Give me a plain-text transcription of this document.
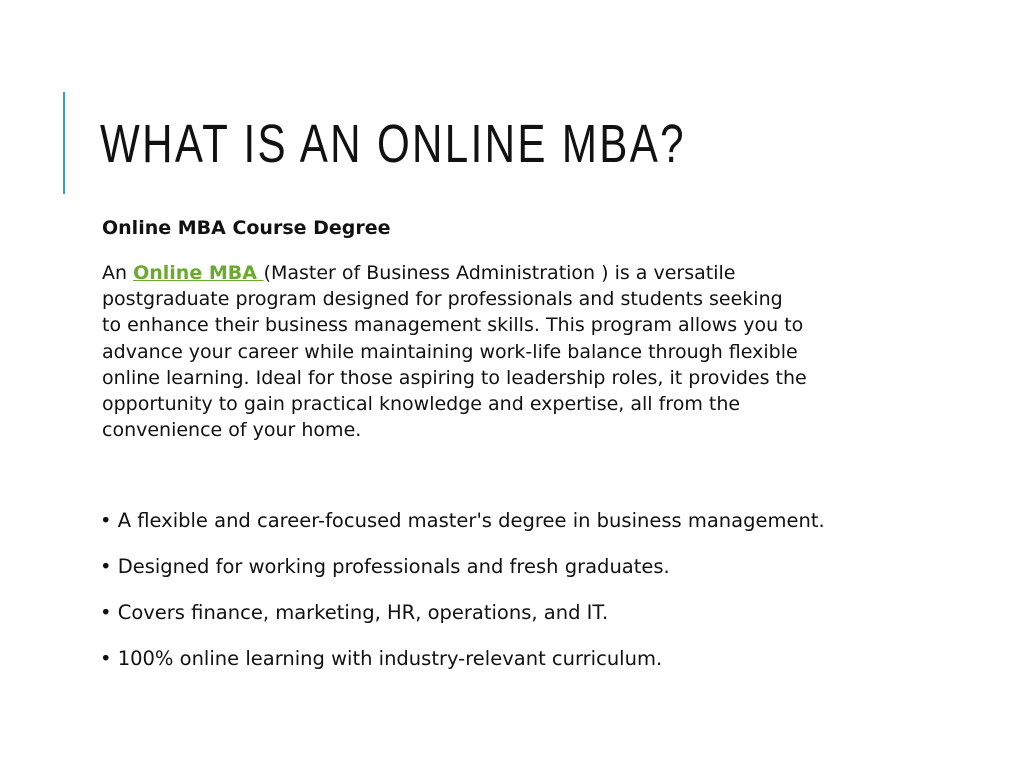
WHAT IS AN ONLINE MBA?

Online MBA Course Degree

An Online MBA (Master of Business Administration ) is a versatile
postgraduate program designed for professionals and students seeking
to enhance their business management skills. This program allows you to
advance your career while maintaining work-life balance through flexible
online learning. Ideal for those aspiring to leadership roles, it provides the
opportunity to gain practical knowledge and expertise, all from the
convenience of your home.

• A flexible and career-focused master's degree in business management.
• Designed for working professionals and fresh graduates.
• Covers finance, marketing, HR, operations, and IT.
• 100% online learning with industry-relevant curriculum.
